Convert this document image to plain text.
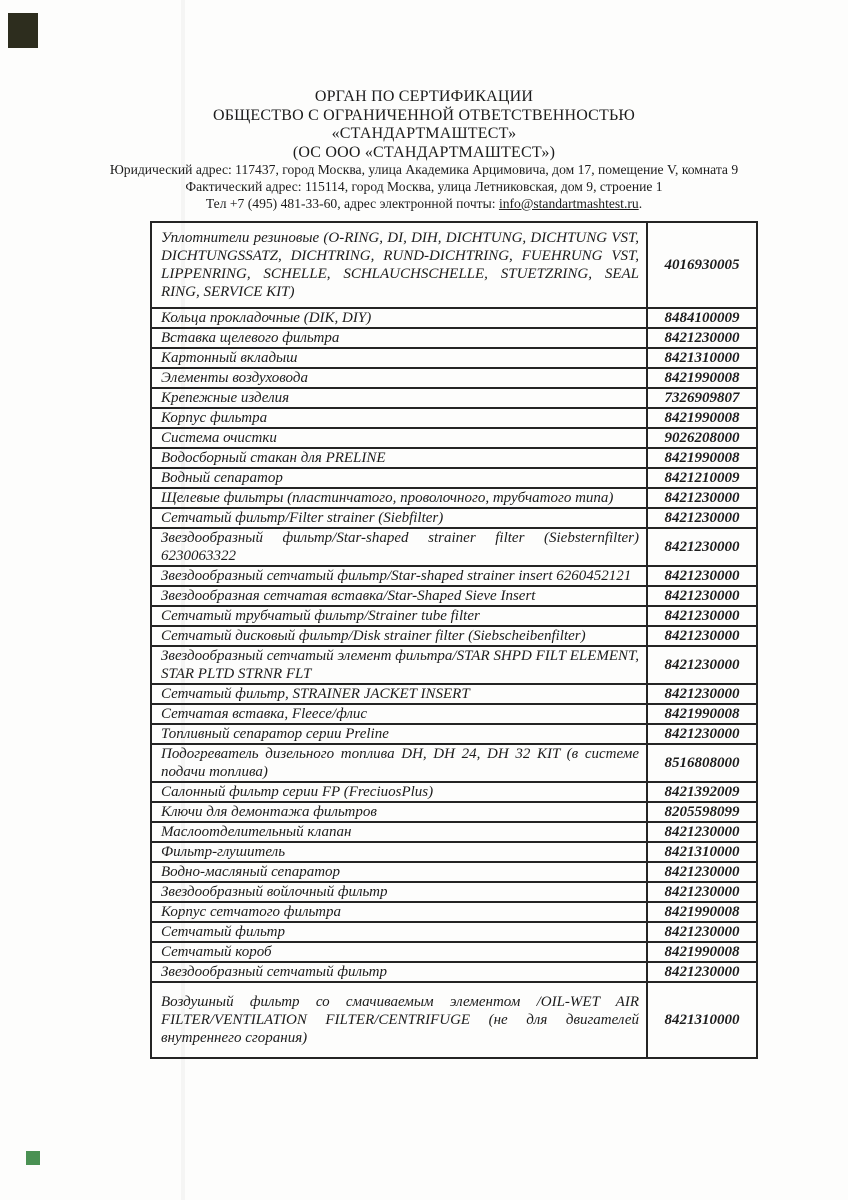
ОРГАН ПО СЕРТИФИКАЦИИ
ОБЩЕСТВО С ОГРАНИЧЕННОЙ ОТВЕТСТВЕННОСТЬЮ
«СТАНДАРТМАШТЕСТ»
(ОС ООО «СТАНДАРТМАШТЕСТ»)
Юридический адрес: 117437, город Москва, улица Академика Арцимовича, дом 17, помещение V, комната 9
Фактический адрес: 115114, город Москва, улица Летниковская, дом 9, строение 1
Тел +7 (495) 481-33-60, адрес электронной почты: info@standartmashtest.ru.
Уплотнители резиновые (O-RING, DI, DIH, DICHTUNG, DICHTUNG VST, DICHTUNGSSATZ, DICHTRING, RUND-DICHTRING, FUEHRUNG VST, LIPPENRING, SCHELLE, SCHLAUCHSCHELLE, STUETZRING, SEAL RING, SERVICE KIT)	4016930005
Кольца прокладочные (DIK, DIY)	8484100009
Вставка щелевого фильтра	8421230000
Картонный вкладыш	8421310000
Элементы воздуховода	8421990008
Крепежные изделия	7326909807
Корпус фильтра	8421990008
Система очистки	9026208000
Водосборный стакан для PRELINE	8421990008
Водный сепаратор	8421210009
Щелевые фильтры (пластинчатого, проволочного, трубчатого типа)	8421230000
Сетчатый фильтр/Filter strainer (Siebfilter)	8421230000
Звездообразный фильтр/Star-shaped strainer filter (Siebsternfilter) 6230063322	8421230000
Звездообразный сетчатый фильтр/Star-shaped strainer insert 6260452121	8421230000
Звездообразная сетчатая вставка/Star-Shaped Sieve Insert	8421230000
Сетчатый трубчатый фильтр/Strainer tube filter	8421230000
Сетчатый дисковый фильтр/Disk strainer filter (Siebscheibenfilter)	8421230000
Звездообразный сетчатый элемент фильтра/STAR SHPD FILT ELEMENT, STAR PLTD STRNR FLT	8421230000
Сетчатый фильтр, STRAINER JACKET INSERT	8421230000
Сетчатая вставка, Fleece/флис	8421990008
Топливный сепаратор серии Preline	8421230000
Подогреватель дизельного топлива DH, DH 24, DH 32 KIT (в системе подачи топлива)	8516808000
Салонный фильтр серии FP (FreciuosPlus)	8421392009
Ключи для демонтажа фильтров	8205598099
Маслоотделительный клапан	8421230000
Фильтр-глушитель	8421310000
Водно-масляный сепаратор	8421230000
Звездообразный войлочный фильтр	8421230000
Корпус сетчатого фильтра	8421990008
Сетчатый фильтр	8421230000
Сетчатый короб	8421990008
Звездообразный сетчатый фильтр	8421230000
Воздушный фильтр со смачиваемым элементом /OIL-WET AIR FILTER/VENTILATION FILTER/CENTRIFUGE (не для двигателей внутреннего сгорания)	8421310000
